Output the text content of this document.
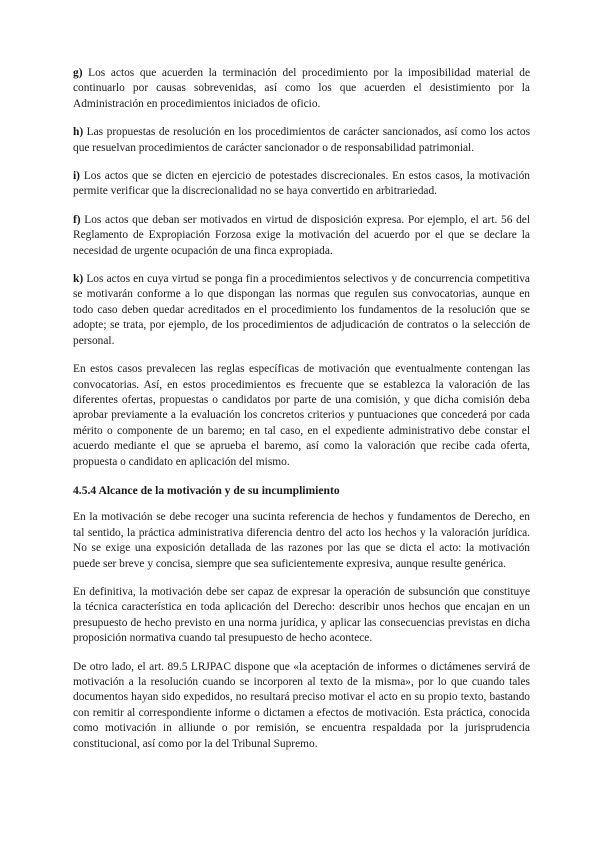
g) Los actos que acuerden la terminación del procedimiento por la imposibilidad material de continuarlo por causas sobrevenidas, así como los que acuerden el desistimiento por la Administración en procedimientos iniciados de oficio.

h) Las propuestas de resolución en los procedimientos de carácter sancionados, así como los actos que resuelvan procedimientos de carácter sancionador o de responsabilidad patrimonial.

i) Los actos que se dicten en ejercicio de potestades discrecionales. En estos casos, la motivación permite verificar que la discrecionalidad no se haya convertido en arbitrariedad.

f) Los actos que deban ser motivados en virtud de disposición expresa. Por ejemplo, el art. 56 del Reglamento de Expropiación Forzosa exige la motivación del acuerdo por el que se declare la necesidad de urgente ocupación de una finca expropiada.

k) Los actos en cuya virtud se ponga fin a procedimientos selectivos y de concurrencia competitiva se motivarán conforme a lo que dispongan las normas que regulen sus convocatorias, aunque en todo caso deben quedar acreditados en el procedimiento los fundamentos de la resolución que se adopte; se trata, por ejemplo, de los procedimientos de adjudicación de contratos o la selección de personal.

En estos casos prevalecen las reglas específicas de motivación que eventualmente contengan las convocatorias. Así, en estos procedimientos es frecuente que se establezca la valoración de las diferentes ofertas, propuestas o candidatos por parte de una comisión, y que dicha comisión deba aprobar previamente a la evaluación los concretos criterios y puntuaciones que concederá por cada mérito o componente de un baremo; en tal caso, en el expediente administrativo debe constar el acuerdo mediante el que se aprueba el baremo, así como la valoración que recibe cada oferta, propuesta o candidato en aplicación del mismo.

4.5.4 Alcance de la motivación y de su incumplimiento

En la motivación se debe recoger una sucinta referencia de hechos y fundamentos de Derecho, en tal sentido, la práctica administrativa diferencia dentro del acto los hechos y la valoración jurídica. No se exige una exposición detallada de las razones por las que se dicta el acto: la motivación puede ser breve y concisa, siempre que sea suficientemente expresiva, aunque resulte genérica.

En definitiva, la motivación debe ser capaz de expresar la operación de subsunción que constituye la técnica característica en toda aplicación del Derecho: describir unos hechos que encajan en un presupuesto de hecho previsto en una norma jurídica, y aplicar las consecuencias previstas en dicha proposición normativa cuando tal presupuesto de hecho acontece.

De otro lado, el art. 89.5 LRJPAC dispone que «la aceptación de informes o dictámenes servirá de motivación a la resolución cuando se incorporen al texto de la misma», por lo que cuando tales documentos hayan sido expedidos, no resultará preciso motivar el acto en su propio texto, bastando con remitir al correspondiente informe o dictamen a efectos de motivación. Esta práctica, conocida como motivación in alliunde o por remisión, se encuentra respaldada por la jurisprudencia constitucional, así como por la del Tribunal Supremo.
